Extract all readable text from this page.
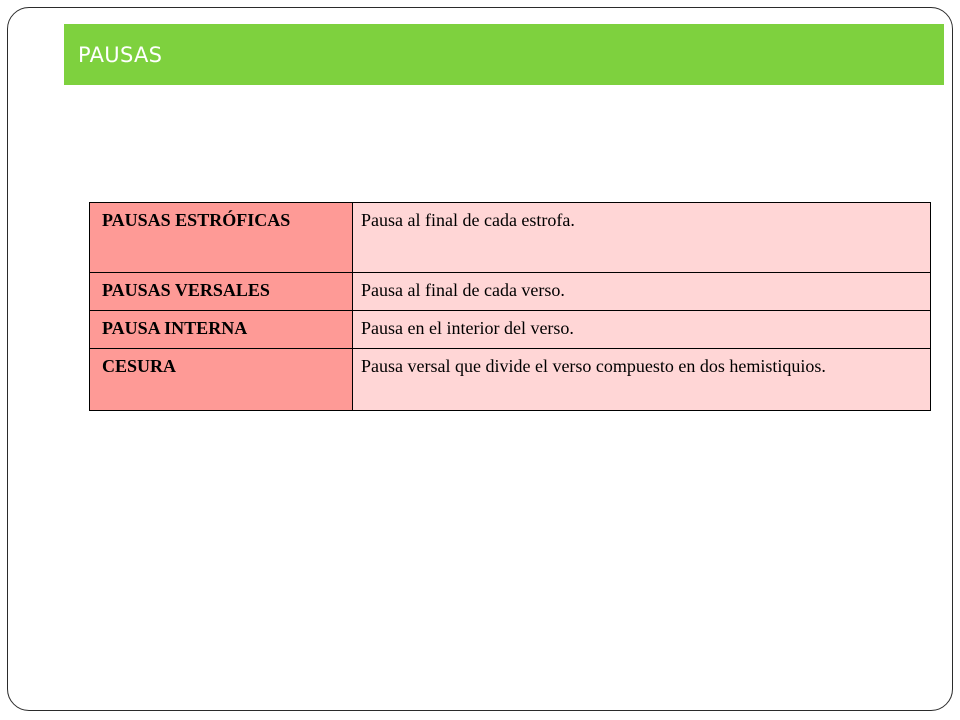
PAUSAS
PAUSAS ESTRÓFICAS	Pausa al final de cada estrofa.
PAUSAS VERSALES	Pausa al final de cada verso.
PAUSA INTERNA	Pausa en el interior del verso.
CESURA	Pausa versal que divide el verso compuesto en dos hemistiquios.
